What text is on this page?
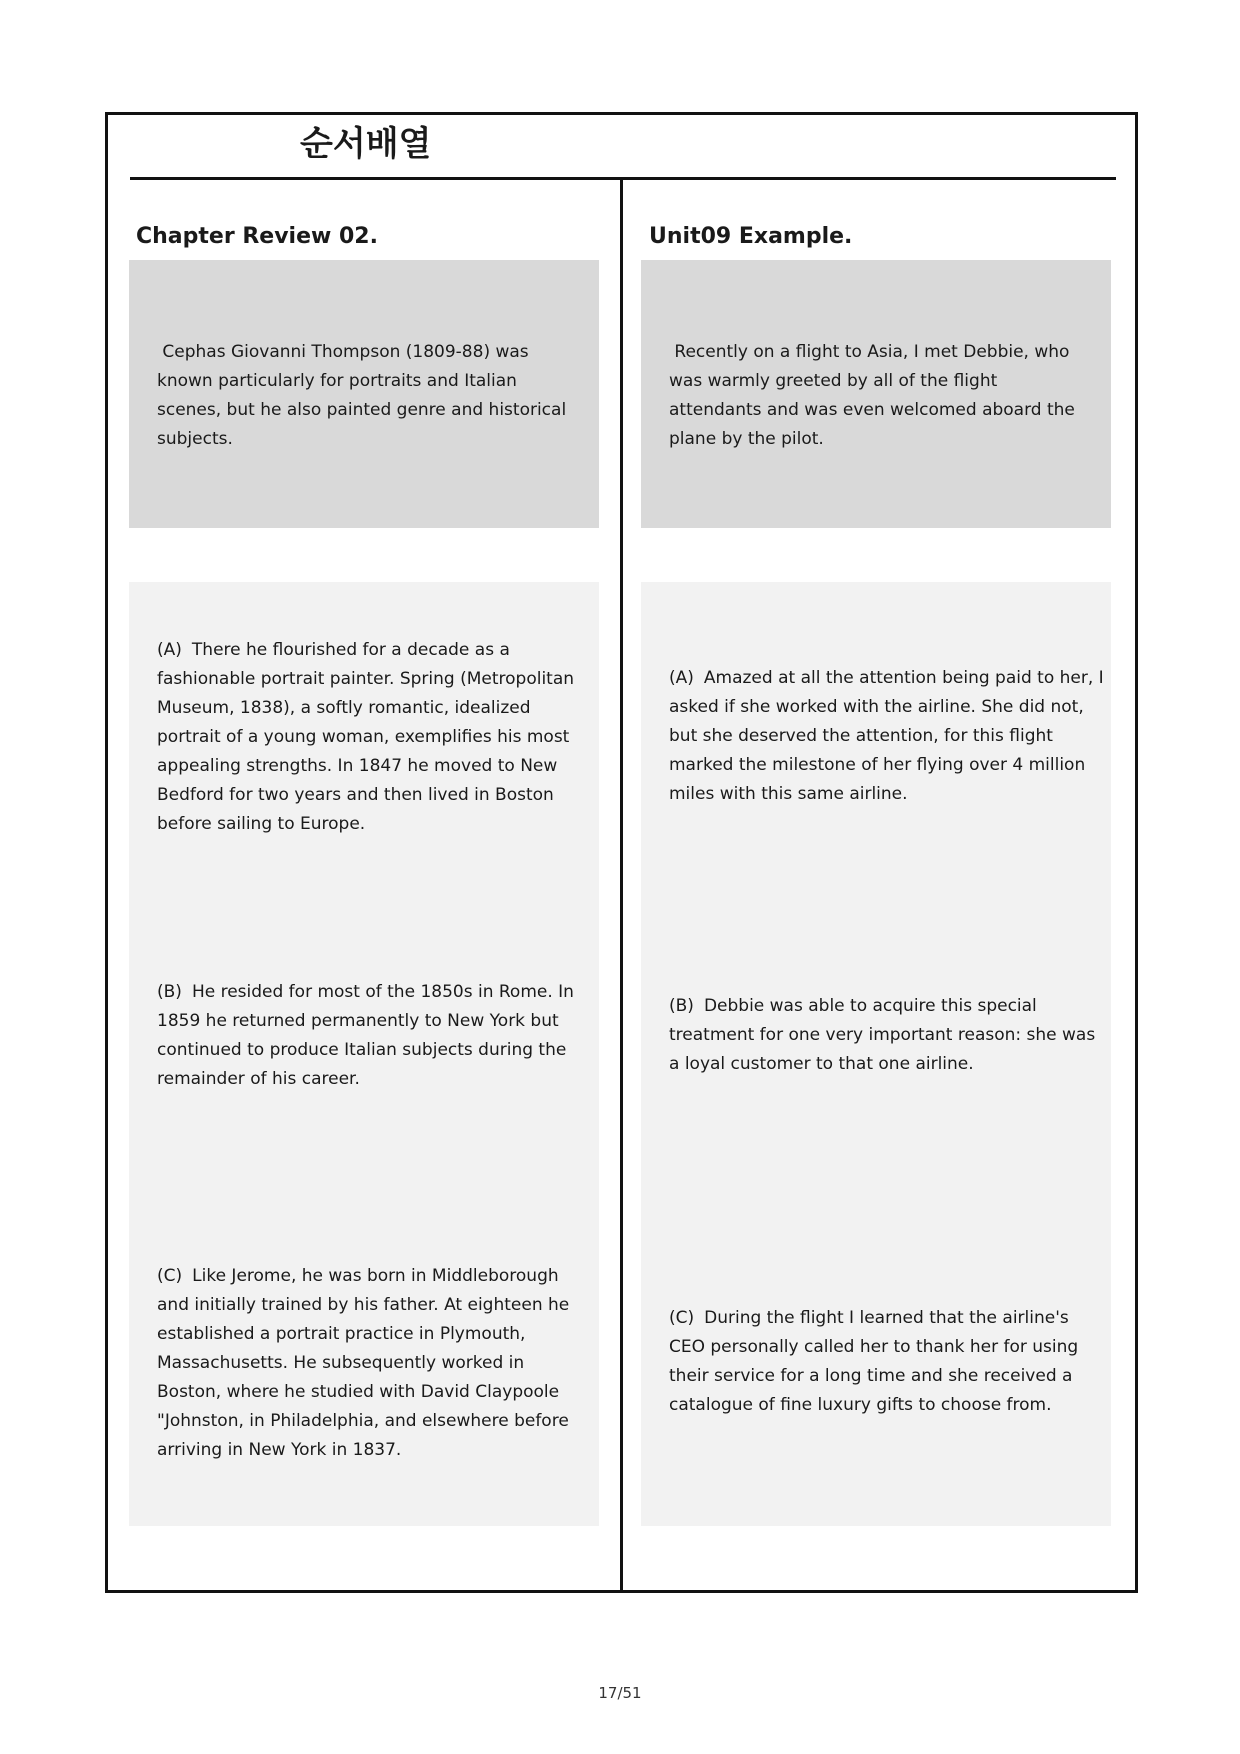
순서배열
Chapter Review 02.

Cephas Giovanni Thompson (1809-88) was known particularly for portraits and Italian scenes, but he also painted genre and historical subjects.

(A) There he flourished for a decade as a fashionable portrait painter. Spring (Metropolitan Museum, 1838), a softly romantic, idealized portrait of a young woman, exemplifies his most appealing strengths. In 1847 he moved to New Bedford for two years and then lived in Boston before sailing to Europe.

(B) He resided for most of the 1850s in Rome. In 1859 he returned permanently to New York but continued to produce Italian subjects during the remainder of his career.

(C) Like Jerome, he was born in Middleborough and initially trained by his father. At eighteen he established a portrait practice in Plymouth, Massachusetts. He subsequently worked in Boston, where he studied with David Claypoole "Johnston, in Philadelphia, and elsewhere before arriving in New York in 1837.

Unit09 Example.

Recently on a flight to Asia, I met Debbie, who was warmly greeted by all of the flight attendants and was even welcomed aboard the plane by the pilot.

(A) Amazed at all the attention being paid to her, I asked if she worked with the airline. She did not, but she deserved the attention, for this flight marked the milestone of her flying over 4 million miles with this same airline.

(B) Debbie was able to acquire this special treatment for one very important reason: she was a loyal customer to that one airline.

(C) During the flight I learned that the airline's CEO personally called her to thank her for using their service for a long time and she received a catalogue of fine luxury gifts to choose from.

17/51
